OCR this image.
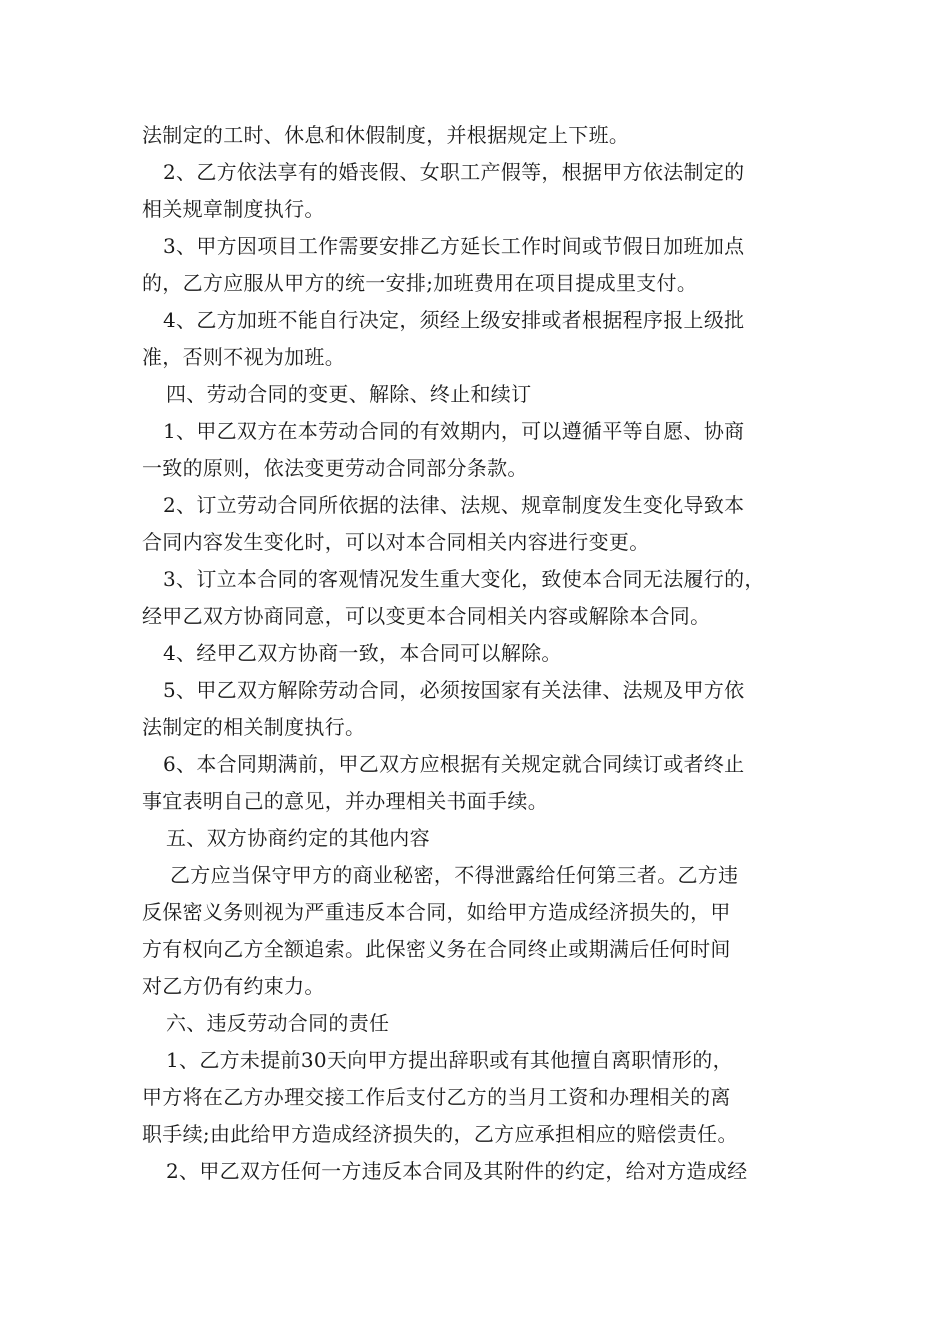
法制定的工时、休息和休假制度，并根据规定上下班。
2、乙方依法享有的婚丧假、女职工产假等，根据甲方依法制定的
相关规章制度执行。
3、甲方因项目工作需要安排乙方延长工作时间或节假日加班加点
的，乙方应服从甲方的统一安排;加班费用在项目提成里支付。
4、乙方加班不能自行决定，须经上级安排或者根据程序报上级批
准，否则不视为加班。
四、劳动合同的变更、解除、终止和续订
1、甲乙双方在本劳动合同的有效期内，可以遵循平等自愿、协商
一致的原则，依法变更劳动合同部分条款。
2、订立劳动合同所依据的法律、法规、规章制度发生变化导致本
合同内容发生变化时，可以对本合同相关内容进行变更。
3、订立本合同的客观情况发生重大变化，致使本合同无法履行的，
经甲乙双方协商同意，可以变更本合同相关内容或解除本合同。
4、经甲乙双方协商一致，本合同可以解除。
5、甲乙双方解除劳动合同，必须按国家有关法律、法规及甲方依
法制定的相关制度执行。
6、本合同期满前，甲乙双方应根据有关规定就合同续订或者终止
事宜表明自己的意见，并办理相关书面手续。
五、双方协商约定的其他内容
乙方应当保守甲方的商业秘密，不得泄露给任何第三者。乙方违
反保密义务则视为严重违反本合同，如给甲方造成经济损失的，甲
方有权向乙方全额追索。此保密义务在合同终止或期满后任何时间
对乙方仍有约束力。
六、违反劳动合同的责任
1、乙方未提前30天向甲方提出辞职或有其他擅自离职情形的，
甲方将在乙方办理交接工作后支付乙方的当月工资和办理相关的离
职手续;由此给甲方造成经济损失的，乙方应承担相应的赔偿责任。
2、甲乙双方任何一方违反本合同及其附件的约定，给对方造成经
